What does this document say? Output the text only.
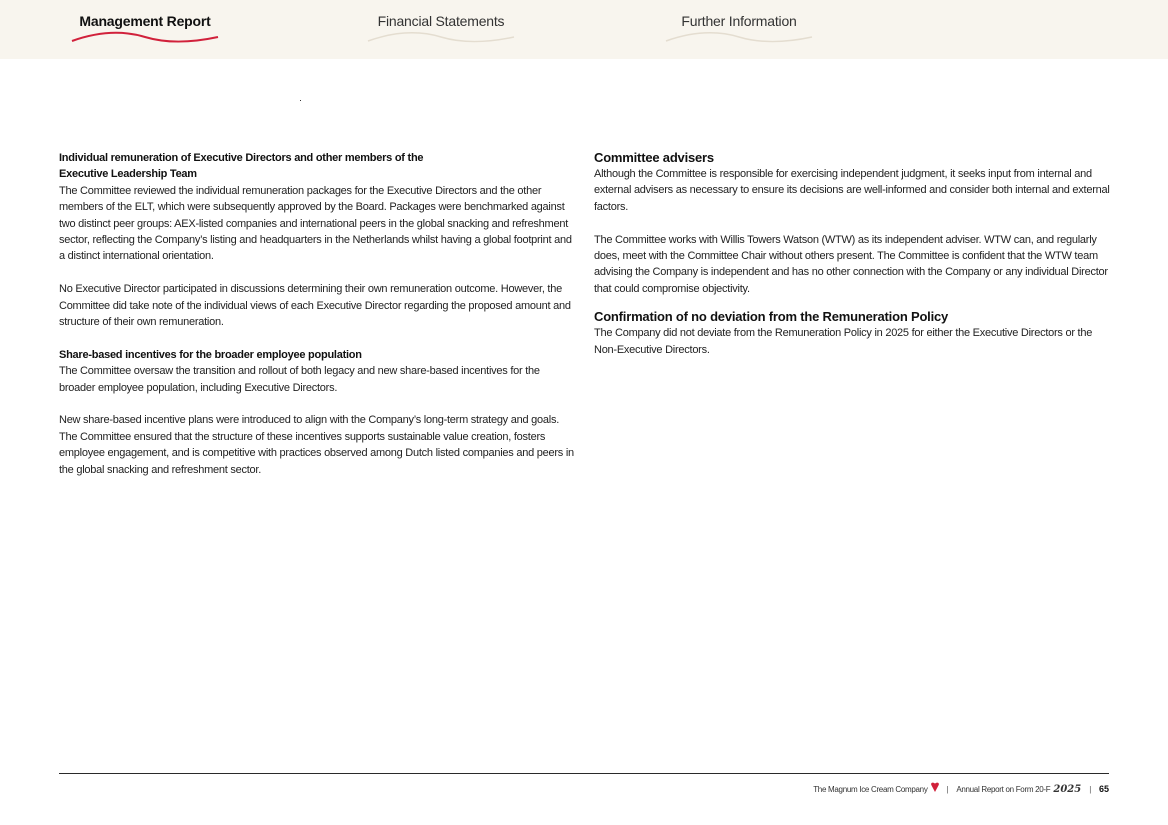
Management Report	Financial Statements	Further Information

Individual remuneration of Executive Directors and other members of the
Executive Leadership Team

The Committee reviewed the individual remuneration packages for the Executive Directors and the other members of the ELT, which were subsequently approved by the Board. Packages were benchmarked against two distinct peer groups: AEX-listed companies and international peers in the global snacking and refreshment sector, reflecting the Company’s listing and headquarters in the Netherlands whilst having a global footprint and a distinct international orientation.

No Executive Director participated in discussions determining their own remuneration outcome. However, the Committee did take note of the individual views of each Executive Director regarding the proposed amount and structure of their own remuneration.

Share-based incentives for the broader employee population

The Committee oversaw the transition and rollout of both legacy and new share-based incentives for the broader employee population, including Executive Directors.

New share-based incentive plans were introduced to align with the Company’s long-term strategy and goals. The Committee ensured that the structure of these incentives supports sustainable value creation, fosters employee engagement, and is competitive with practices observed among Dutch listed companies and peers in the global snacking and refreshment sector.

Committee advisers

Although the Committee is responsible for exercising independent judgment, it seeks input from internal and external advisers as necessary to ensure its decisions are well-informed and consider both internal and external factors.

The Committee works with Willis Towers Watson (WTW) as its independent adviser. WTW can, and regularly does, meet with the Committee Chair without others present. The Committee is confident that the WTW team advising the Company is independent and has no other connection with the Company or any individual Director that could compromise objectivity.

Confirmation of no deviation from the Remuneration Policy

The Company did not deviate from the Remuneration Policy in 2025 for either the Executive Directors or the Non-Executive Directors.

The Magnum Ice Cream Company | Annual Report on Form 20-F 2025 | 65
